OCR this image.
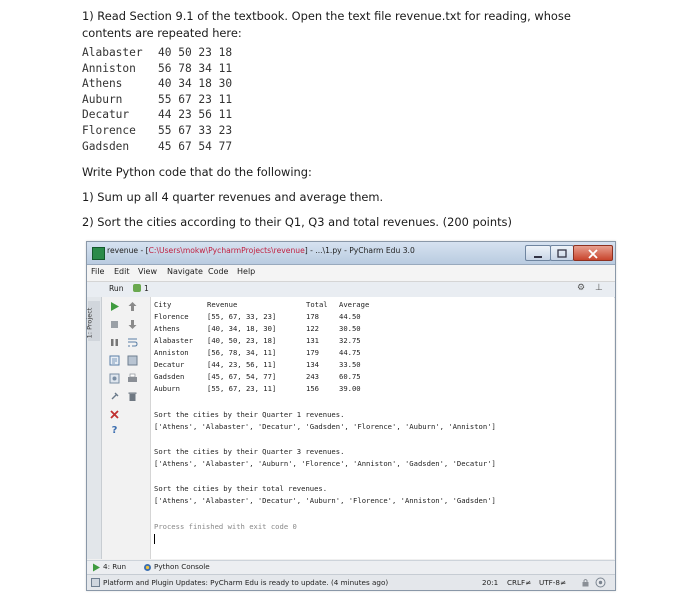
1) Read Section 9.1 of the textbook. Open the text file revenue.txt for reading, whose contents are repeated here:
Alabaster 40 50 23 18
Anniston 56 78 34 11
Athens	40 34 18 30
Auburn	55 67 23 11
Decatur	44 23 56 11
Florence 55 67 33 23
Gadsden	45 67 54 77
Write Python code that do the following:
1) Sum up all 4 quarter revenues and average them.
2) Sort the cities according to their Q1, Q3 and total revenues. (200 points)
revenue - [C:\Users\mokw\PycharmProjects\revenue] - ...\1.py - PyCharm Edu 3.0
File Edit View Navigate Code Help
Run	1	⚙ ⊥
1: Project
?
City	Revenue	Total Average
Florence	[55, 67, 33, 23]	178	44.50
Athens	[40, 34, 18, 30]	122	30.50
Alabaster [40, 50, 23, 18]	131	32.75
Anniston	[56, 78, 34, 11]	179	44.75
Decatur	[44, 23, 56, 11]	134	33.50
Gadsden	[45, 67, 54, 77]	243	60.75
Auburn	[55, 67, 23, 11]	156	39.00
Sort the cities by their Quarter 1 revenues.
['Athens', 'Alabaster', 'Decatur', 'Gadsden', 'Florence', 'Auburn', 'Anniston']
Sort the cities by their Quarter 3 revenues.
['Athens', 'Alabaster', 'Auburn', 'Florence', 'Anniston', 'Gadsden', 'Decatur']
Sort the cities by their total revenues.
['Athens', 'Alabaster', 'Decatur', 'Auburn', 'Florence', 'Anniston', 'Gadsden']
Process finished with exit code 0
4: Run	Python Console
Platform and Plugin Updates: PyCharm Edu is ready to update. (4 minutes ago)	20:1 CRLF≠ UTF-8≠
